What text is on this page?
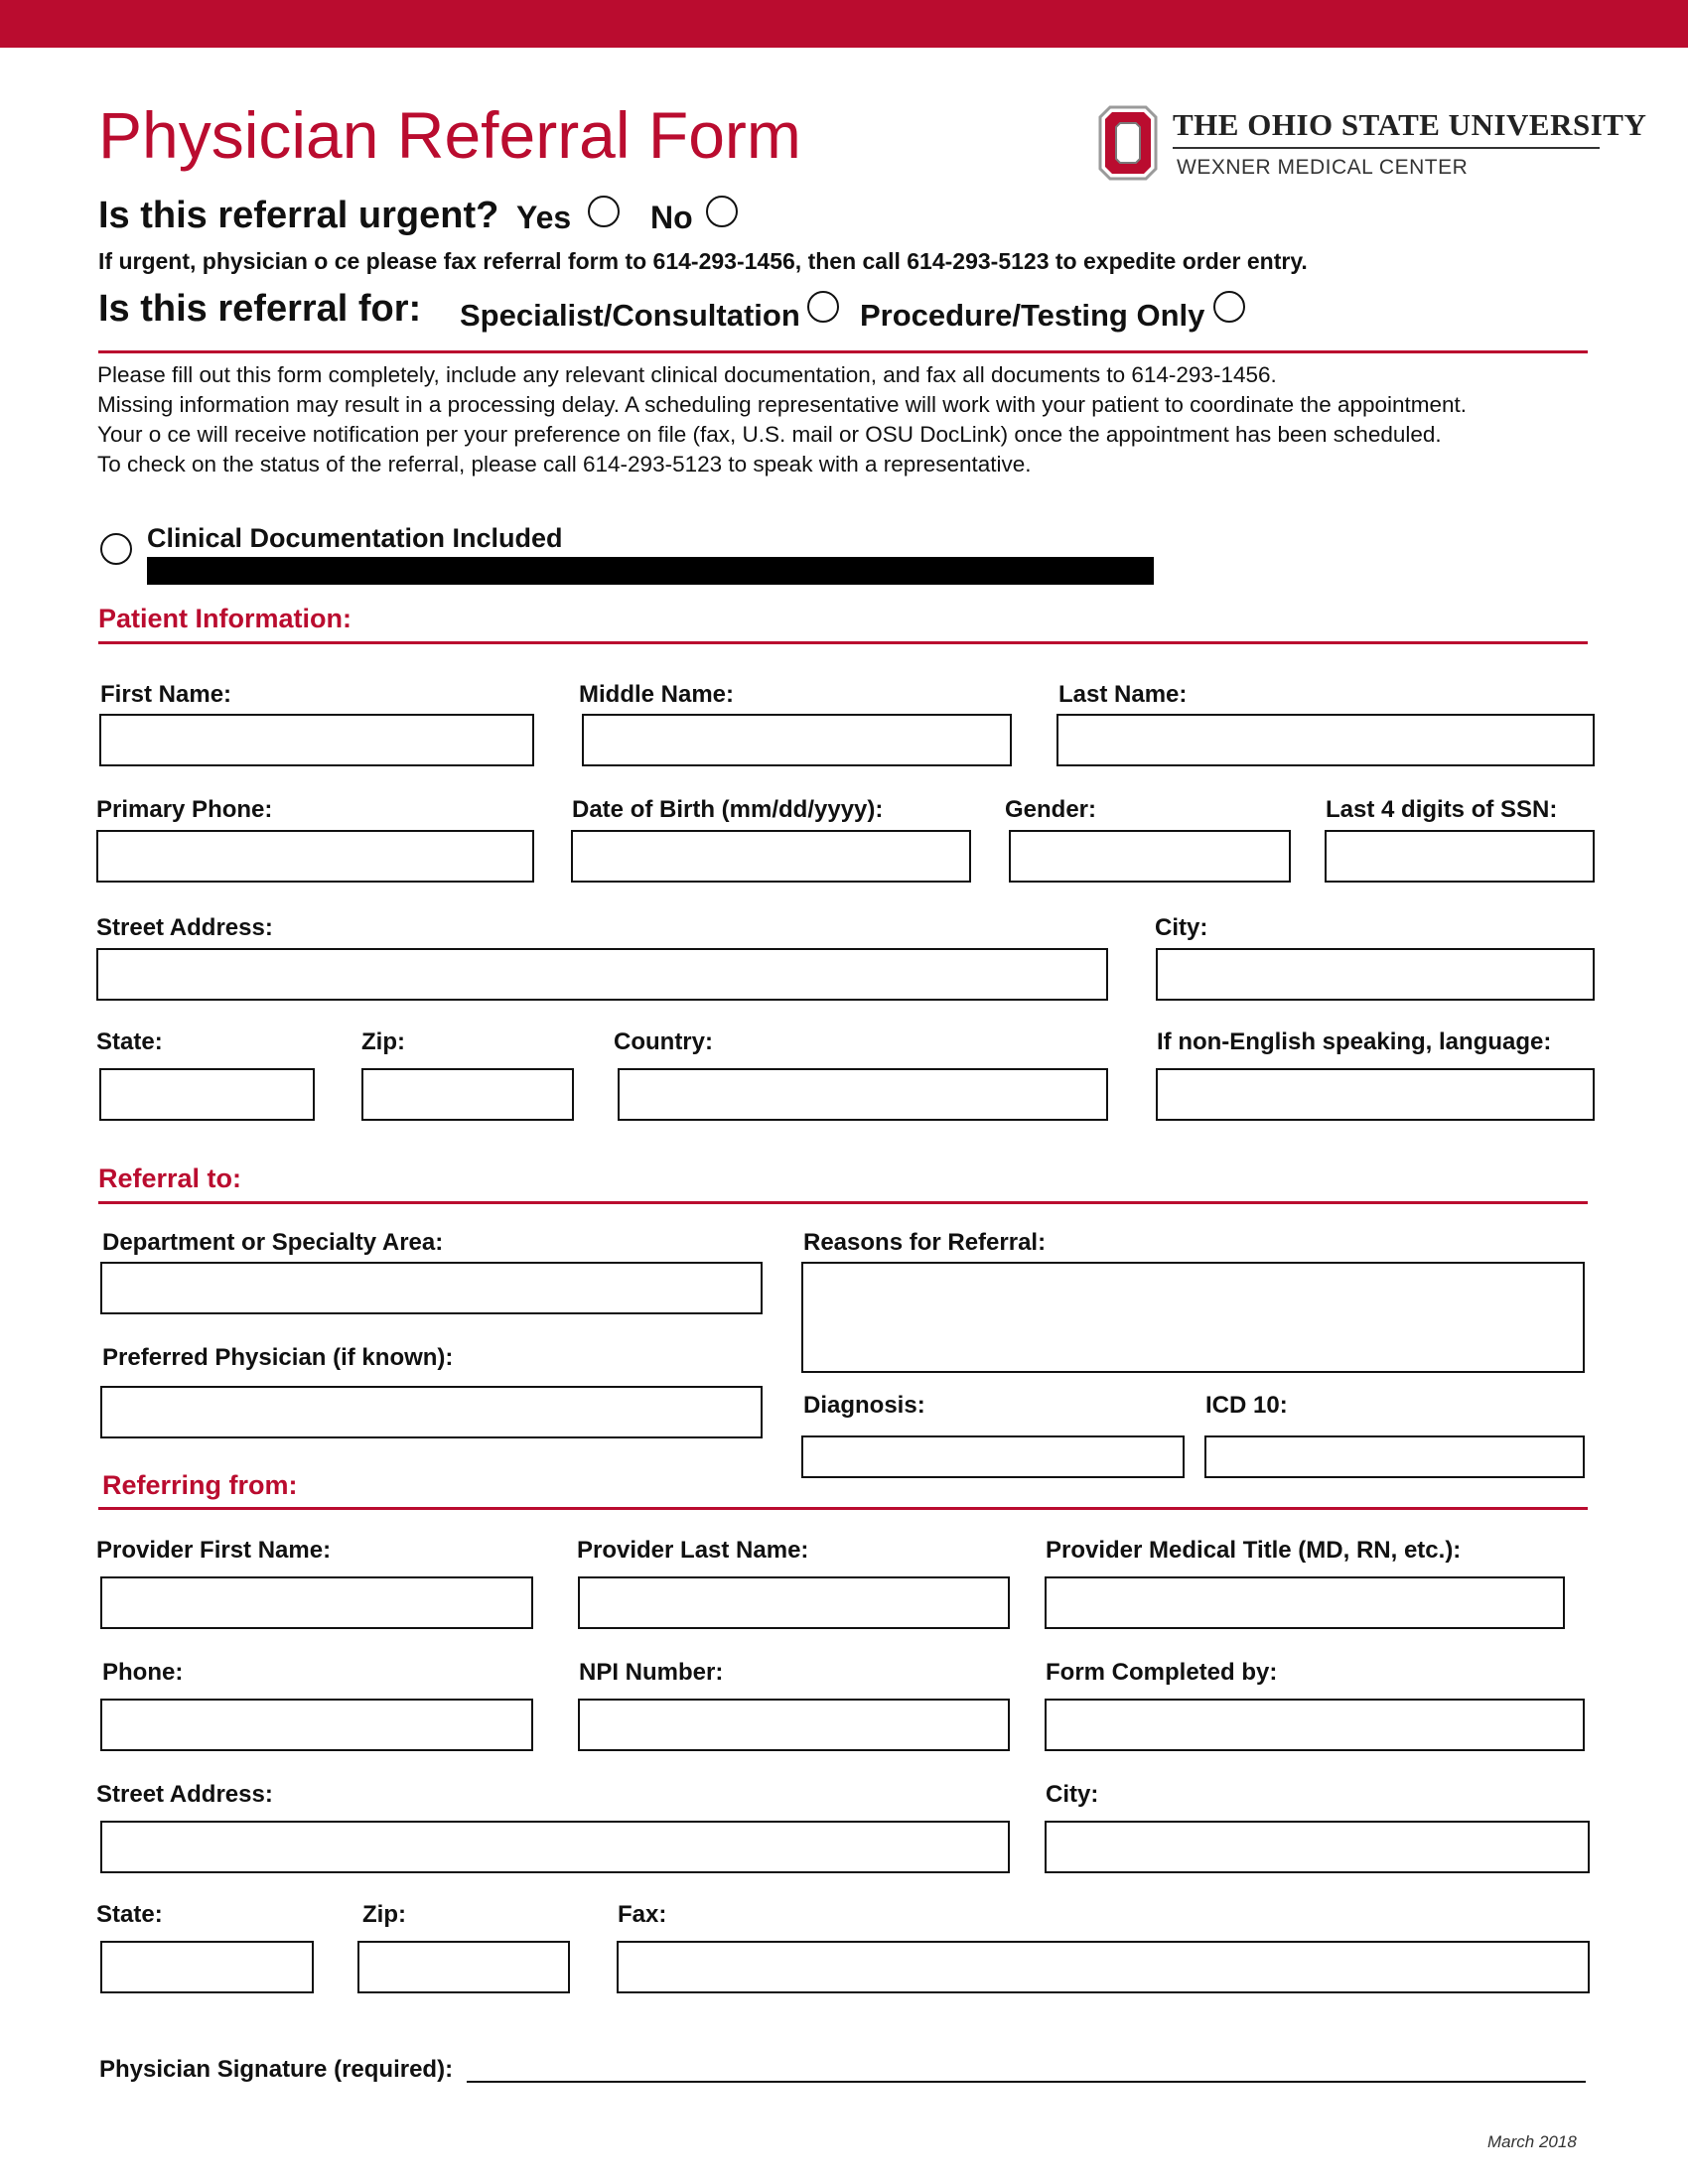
Physician Referral Form	THE OHIO STATE UNIVERSITY
WEXNER MEDICAL CENTER
Is this referral urgent? Yes No
If urgent, physician o ce please fax referral form to 614-293-1456, then call 614-293-5123 to expedite order entry.
Is this referral for: Specialist/Consultation Procedure/Testing Only
Please fill out this form completely, include any relevant clinical documentation, and fax all documents to 614-293-1456.
Missing information may result in a processing delay. A scheduling representative will work with your patient to coordinate the appointment.
Your o ce will receive notification per your preference on file (fax, U.S. mail or OSU DocLink) once the appointment has been scheduled.
To check on the status of the referral, please call 614-293-5123 to speak with a representative.
Clinical Documentation Included
Patient Information:
First Name:	Middle Name:	Last Name:
Primary Phone:	Date of Birth (mm/dd/yyyy):	Gender:	Last 4 digits of SSN:
Street Address:	City:
State:	Zip:	Country:	If non-English speaking, language:
Referral to:
Department or Specialty Area:	Reasons for Referral:
Preferred Physician (if known):
Diagnosis:	ICD 10:
Referring from:
Provider First Name:	Provider Last Name:	Provider Medical Title (MD, RN, etc.):
Phone:	NPI Number:	Form Completed by:
Street Address:	City:
State:	Zip:	Fax:
Physician Signature (required):
March 2018
